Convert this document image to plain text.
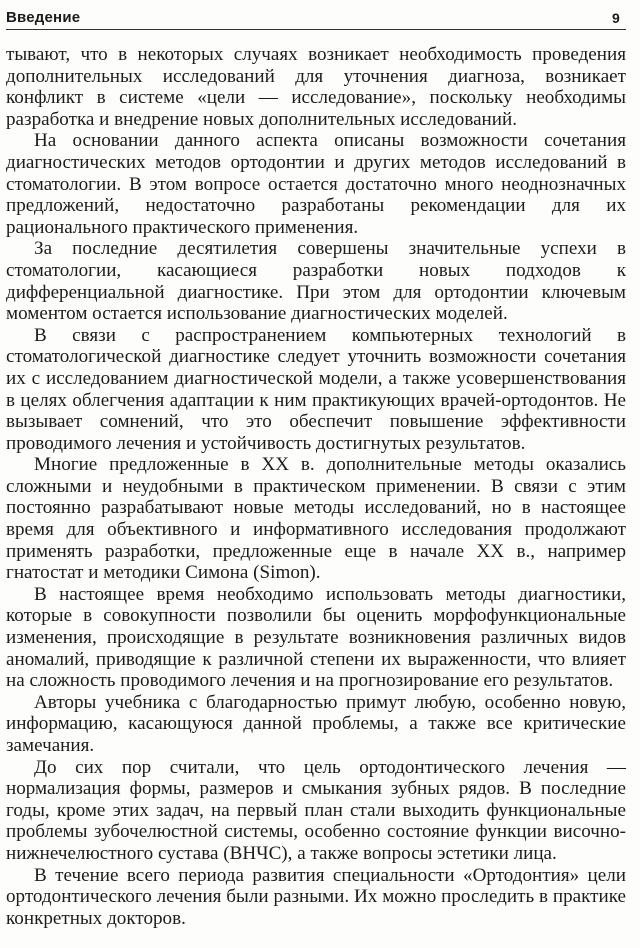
Введение	9

тывают, что в некоторых случаях возникает необходимость проведения дополнительных исследований для уточнения диагноза, возникает конфликт в системе «цели — исследование», поскольку необходимы разработка и внедрение новых дополнительных исследований.

На основании данного аспекта описаны возможности сочетания диагностических методов ортодонтии и других методов исследований в стоматологии. В этом вопросе остается достаточно много неоднозначных предложений, недостаточно разработаны рекомендации для их рационального практического применения.

За последние десятилетия совершены значительные успехи в стоматологии, касающиеся разработки новых подходов к дифференциальной диагностике. При этом для ортодонтии ключевым моментом остается использование диагностических моделей.

В связи с распространением компьютерных технологий в стоматологической диагностике следует уточнить возможности сочетания их с исследованием диагностической модели, а также усовершенствования в целях облегчения адаптации к ним практикующих врачей-ортодонтов. Не вызывает сомнений, что это обеспечит повышение эффективности проводимого лечения и устойчивость достигнутых результатов.

Многие предложенные в XX в. дополнительные методы оказались сложными и неудобными в практическом применении. В связи с этим постоянно разрабатывают новые методы исследований, но в настоящее время для объективного и информативного исследования продолжают применять разработки, предложенные еще в начале XX в., например гнатостат и методики Симона (Simon).

В настоящее время необходимо использовать методы диагностики, которые в совокупности позволили бы оценить морфофункциональные изменения, происходящие в результате возникновения различных видов аномалий, приводящие к различной степени их выраженности, что влияет на сложность проводимого лечения и на прогнозирование его результатов.

Авторы учебника с благодарностью примут любую, особенно новую, информацию, касающуюся данной проблемы, а также все критические замечания.

До сих пор считали, что цель ортодонтического лечения — нормализация формы, размеров и смыкания зубных рядов. В последние годы, кроме этих задач, на первый план стали выходить функциональные проблемы зубочелюстной системы, особенно состояние функции височно-нижнечелюстного сустава (ВНЧС), а также вопросы эстетики лица.

В течение всего периода развития специальности «Ортодонтия» цели ортодонтического лечения были разными. Их можно проследить в практике конкретных докторов.
